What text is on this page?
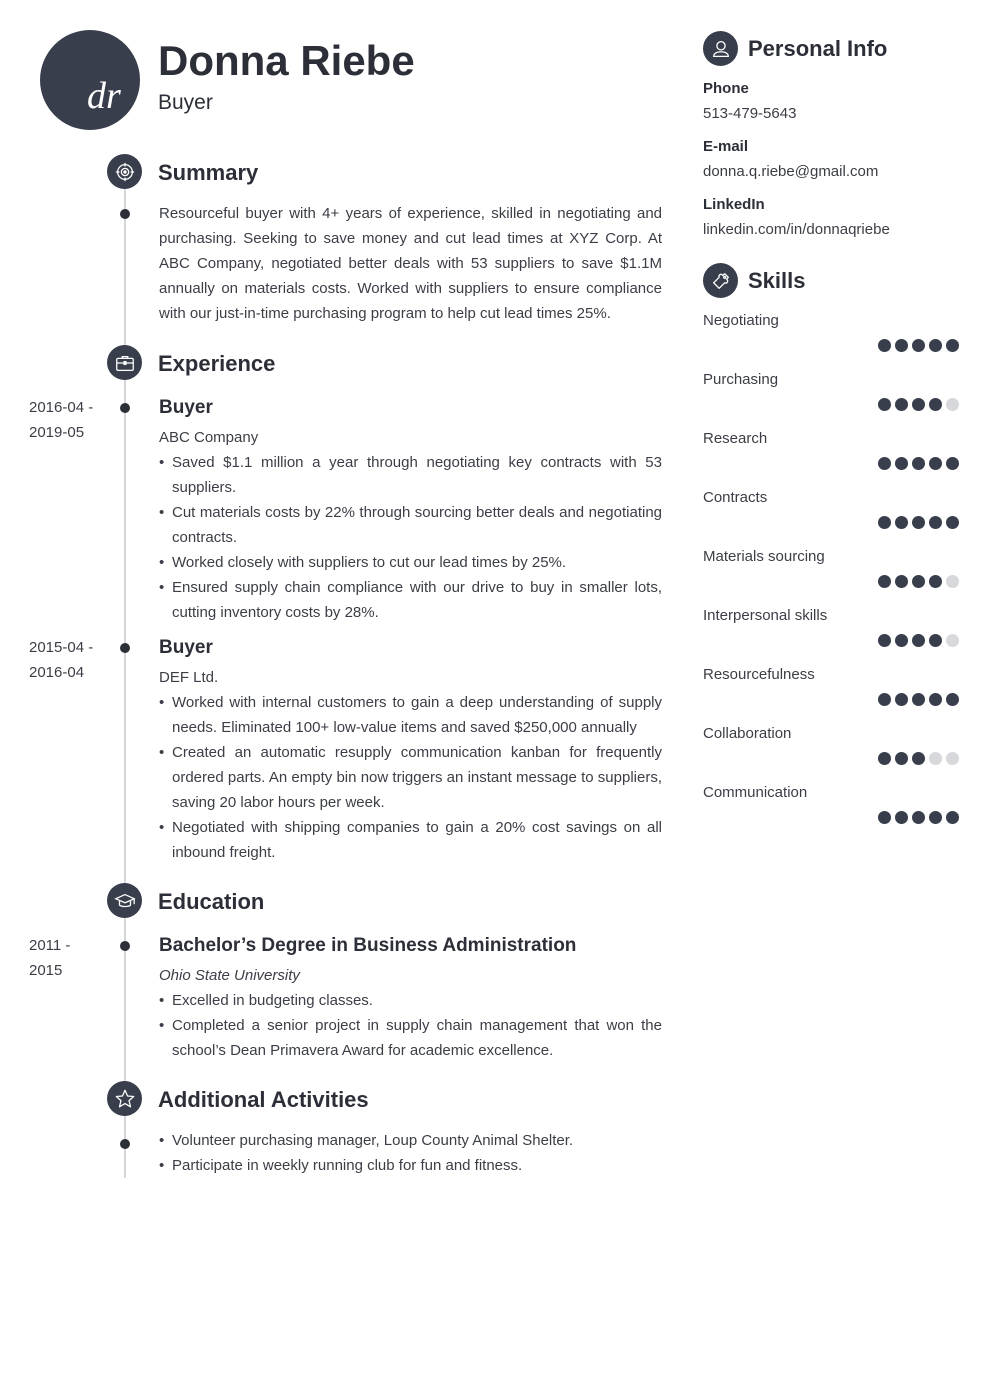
dr
Donna Riebe
Buyer
Summary
Resourceful buyer with 4+ years of experience, skilled in negotiating and purchasing. Seeking to save money and cut lead times at XYZ Corp. At ABC Company, negotiated better deals with 53 suppliers to save $1.1M annually on materials costs. Worked with suppliers to ensure compliance with our just-in-time purchasing program to help cut lead times 25%.
Experience
2016-04 -
2019-05
Buyer
ABC Company
• Saved $1.1 million a year through negotiating key contracts with 53 suppliers.
• Cut materials costs by 22% through sourcing better deals and negotiating contracts.
• Worked closely with suppliers to cut our lead times by 25%.
• Ensured supply chain compliance with our drive to buy in smaller lots, cutting inventory costs by 28%.
2015-04 -
2016-04
Buyer
DEF Ltd.
• Worked with internal customers to gain a deep understanding of supply needs. Eliminated 100+ low-value items and saved $250,000 annually
• Created an automatic resupply communication kanban for frequently ordered parts. An empty bin now triggers an instant message to suppliers, saving 20 labor hours per week.
• Negotiated with shipping companies to gain a 20% cost savings on all inbound freight.
Education
2011 -
2015
Bachelor’s Degree in Business Administration
Ohio State University
• Excelled in budgeting classes.
• Completed a senior project in supply chain management that won the school’s Dean Primavera Award for academic excellence.
Additional Activities
• Volunteer purchasing manager, Loup County Animal Shelter.
• Participate in weekly running club for fun and fitness.
Personal Info
Phone
513-479-5643
E-mail
donna.q.riebe@gmail.com
LinkedIn
linkedin.com/in/donnaqriebe
Skills
Negotiating
Purchasing
Research
Contracts
Materials sourcing
Interpersonal skills
Resourcefulness
Collaboration
Communication
